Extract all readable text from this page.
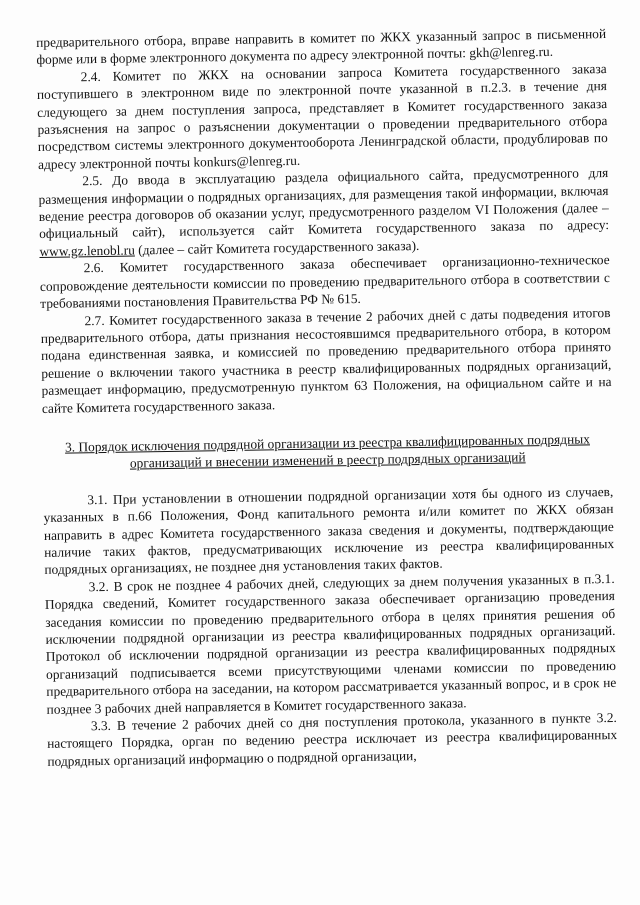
предварительного отбора, вправе направить в комитет по ЖКХ указанный запрос в письменной форме или в форме электронного документа по адресу электронной почты: gkh@lenreg.ru.

2.4. Комитет по ЖКХ на основании запроса Комитета государственного заказа поступившего в электронном виде по электронной почте указанной в п.2.3. в течение дня следующего за днем поступления запроса, представляет в Комитет государственного заказа разъяснения на запрос о разъяснении документации о проведении предварительного отбора посредством системы электронного документооборота Ленинградской области, продублировав по адресу электронной почты konkurs@lenreg.ru.

2.5. До ввода в эксплуатацию раздела официального сайта, предусмотренного для размещения информации о подрядных организациях, для размещения такой информации, включая ведение реестра договоров об оказании услуг, предусмотренного разделом VI Положения (далее – официальный сайт), используется сайт Комитета государственного заказа по адресу: www.gz.lenobl.ru (далее – сайт Комитета государственного заказа).

2.6. Комитет государственного заказа обеспечивает организационно-техническое сопровождение деятельности комиссии по проведению предварительного отбора в соответствии с требованиями постановления Правительства РФ № 615.

2.7. Комитет государственного заказа в течение 2 рабочих дней с даты подведения итогов предварительного отбора, даты признания несостоявшимся предварительного отбора, в котором подана единственная заявка, и комиссией по проведению предварительного отбора принято решение о включении такого участника в реестр квалифицированных подрядных организаций, размещает информацию, предусмотренную пунктом 63 Положения, на официальном сайте и на сайте Комитета государственного заказа.

3. Порядок исключения подрядной организации из реестра квалифицированных подрядных организаций и внесении изменений в реестр подрядных организаций

3.1. При установлении в отношении подрядной организации хотя бы одного из случаев, указанных в п.66 Положения, Фонд капитального ремонта и/или комитет по ЖКХ обязан направить в адрес Комитета государственного заказа сведения и документы, подтверждающие наличие таких фактов, предусматривающих исключение из реестра квалифицированных подрядных организациях, не позднее дня установления таких фактов.

3.2. В срок не позднее 4 рабочих дней, следующих за днем получения указанных в п.3.1. Порядка сведений, Комитет государственного заказа обеспечивает организацию проведения заседания комиссии по проведению предварительного отбора в целях принятия решения об исключении подрядной организации из реестра квалифицированных подрядных организаций. Протокол об исключении подрядной организации из реестра квалифицированных подрядных организаций подписывается всеми присутствующими членами комиссии по проведению предварительного отбора на заседании, на котором рассматривается указанный вопрос, и в срок не позднее 3 рабочих дней направляется в Комитет государственного заказа.

3.3. В течение 2 рабочих дней со дня поступления протокола, указанного в пункте 3.2. настоящего Порядка, орган по ведению реестра исключает из реестра квалифицированных подрядных организаций информацию о подрядной организации,
